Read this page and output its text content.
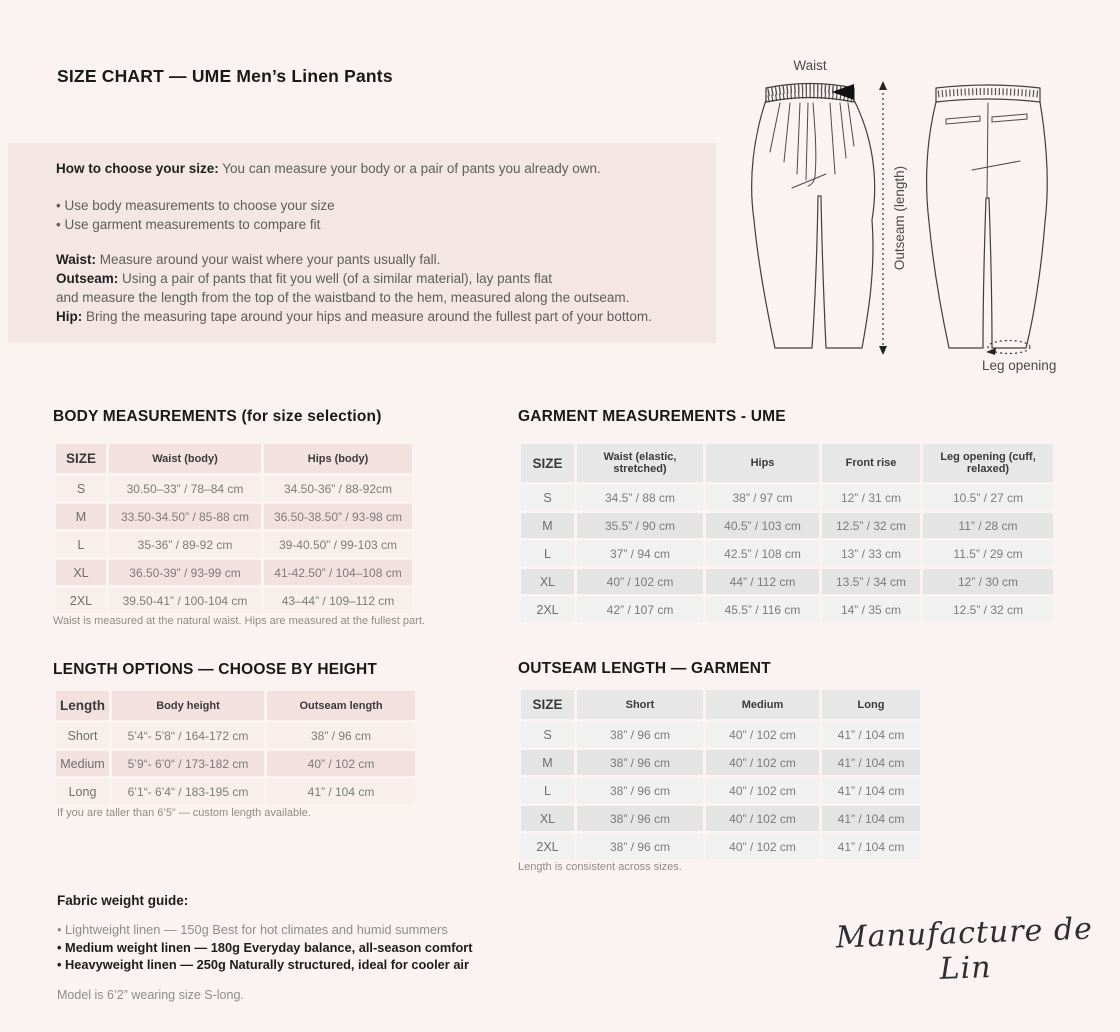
SIZE CHART — UME Men’s Linen Pants
How to choose your size: You can measure your body or a pair of pants you already own.
• Use body measurements to choose your size
• Use garment measurements to compare fit
Waist: Measure around your waist where your pants usually fall.
Outseam: Using a pair of pants that fit you well (of a similar material), lay pants flat
and measure the length from the top of the waistband to the hem, measured along the outseam.
Hip: Bring the measuring tape around your hips and measure around the fullest part of your bottom.
Outseam (length)
Leg opening
Waist
BODY MEASUREMENTS (for size selection)
SIZE	Waist (body)	Hips (body)
S	30.50–33” / 78–84 cm	34.50-36” / 88-92cm
M	33.50-34.50” / 85-88 cm	36.50-38.50” / 93-98 cm
L	35-36” / 89-92 cm	39-40.50” / 99-103 cm
XL	36.50-39” / 93-99 cm	41-42.50” / 104–108 cm
2XL	39.50-41” / 100-104 cm	43–44” / 109–112 cm
Waist is measured at the natural waist. Hips are measured at the fullest part.
GARMENT MEASUREMENTS - UME
SIZE	Waist (elastic, stretched)	Hips	Front rise	Leg opening (cuff, relaxed)
S	34.5” / 88 cm	38” / 97 cm	12” / 31 cm	10.5” / 27 cm
M	35.5” / 90 cm	40.5” / 103 cm	12.5” / 32 cm	11” / 28 cm
L	37” / 94 cm	42.5” / 108 cm	13” / 33 cm	11.5” / 29 cm
XL	40” / 102 cm	44” / 112 cm	13.5” / 34 cm	12” / 30 cm
2XL	42” / 107 cm	45.5” / 116 cm	14” / 35 cm	12.5” / 32 cm
LENGTH OPTIONS — CHOOSE BY HEIGHT
Length	Body height	Outseam length
Short	5’4“- 5’8“ / 164-172 cm	38” / 96 cm
Medium	5’9“- 6’0“ / 173-182 cm	40” / 102 cm
Long	6’1“- 6’4“ / 183-195 cm	41” / 104 cm
If you are taller than 6’5” — custom length available.
OUTSEAM LENGTH — GARMENT
SIZE	Short	Medium	Long
S	38” / 96 cm	40” / 102 cm	41” / 104 cm
M	38” / 96 cm	40” / 102 cm	41” / 104 cm
L	38” / 96 cm	40” / 102 cm	41” / 104 cm
XL	38” / 96 cm	40” / 102 cm	41” / 104 cm
2XL	38” / 96 cm	40” / 102 cm	41” / 104 cm
Length is consistent across sizes.
Fabric weight guide:
• Lightweight linen — 150g Best for hot climates and humid summers
• Medium weight linen — 180g Everyday balance, all-season comfort
• Heavyweight linen — 250g Naturally structured, ideal for cooler air
Model is 6’2” wearing size S-long.
Manufacture de Lin
